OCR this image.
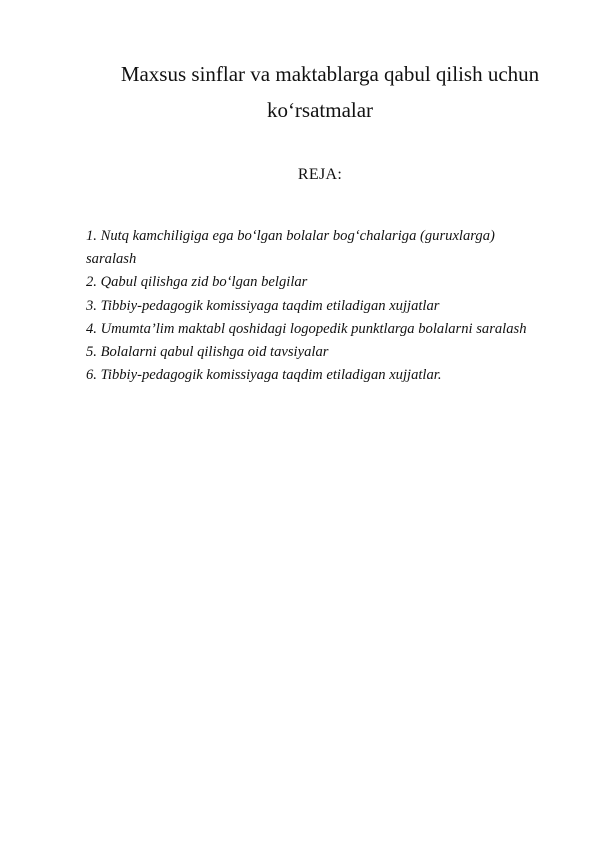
Maxsus sinflar va maktablarga qabul qilish uchun
ko‘rsatmalar
REJA:
1. Nutq kamchiligiga ega bo‘lgan bolalar bog‘chalariga (guruxlarga) saralash
2. Qabul qilishga zid bo‘lgan belgilar
3. Tibbiy-pedagogik komissiyaga taqdim etiladigan xujjatlar
4. Umumta’lim maktabl qoshidagi logopedik punktlarga bolalarni saralash
5. Bolalarni qabul qilishga oid tavsiyalar
6. Tibbiy-pedagogik komissiyaga taqdim etiladigan xujjatlar.
